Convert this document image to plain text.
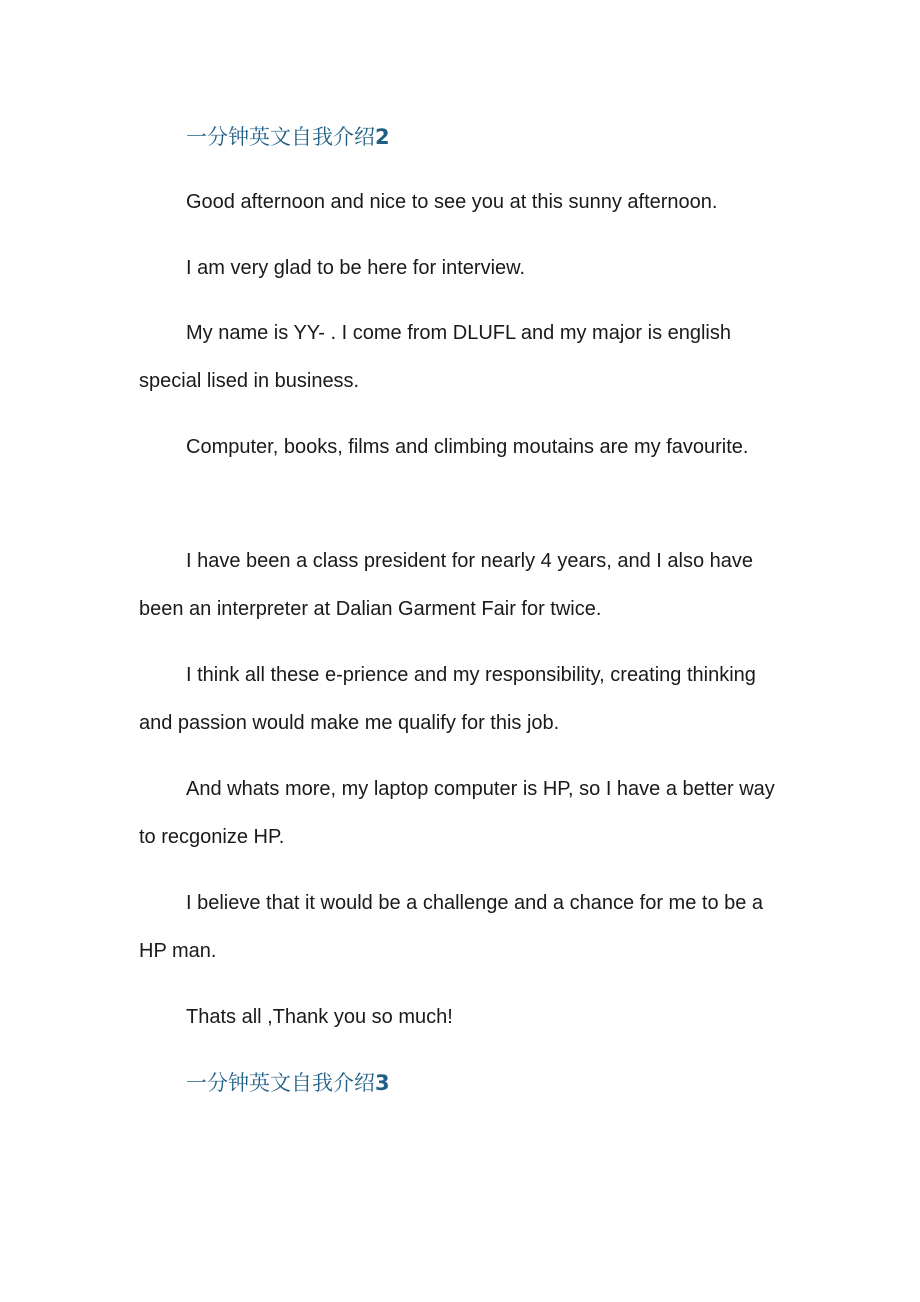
一分钟英文自我介绍2

Good afternoon and nice to see you at this sunny afternoon.

I am very glad to be here for interview.

My name is YY- . I come from DLUFL and my major is english special lised in business.

Computer, books, films and climbing moutains are my favourite.

I have been a class president for nearly 4 years, and I also have been an interpreter at Dalian Garment Fair for twice.

I think all these e-prience and my responsibility, creating thinking and passion would make me qualify for this job.

And whats more, my laptop computer is HP, so I have a better way to recgonize HP.

I believe that it would be a challenge and a chance for me to be a HP man.

Thats all ,Thank you so much!

一分钟英文自我介绍3
